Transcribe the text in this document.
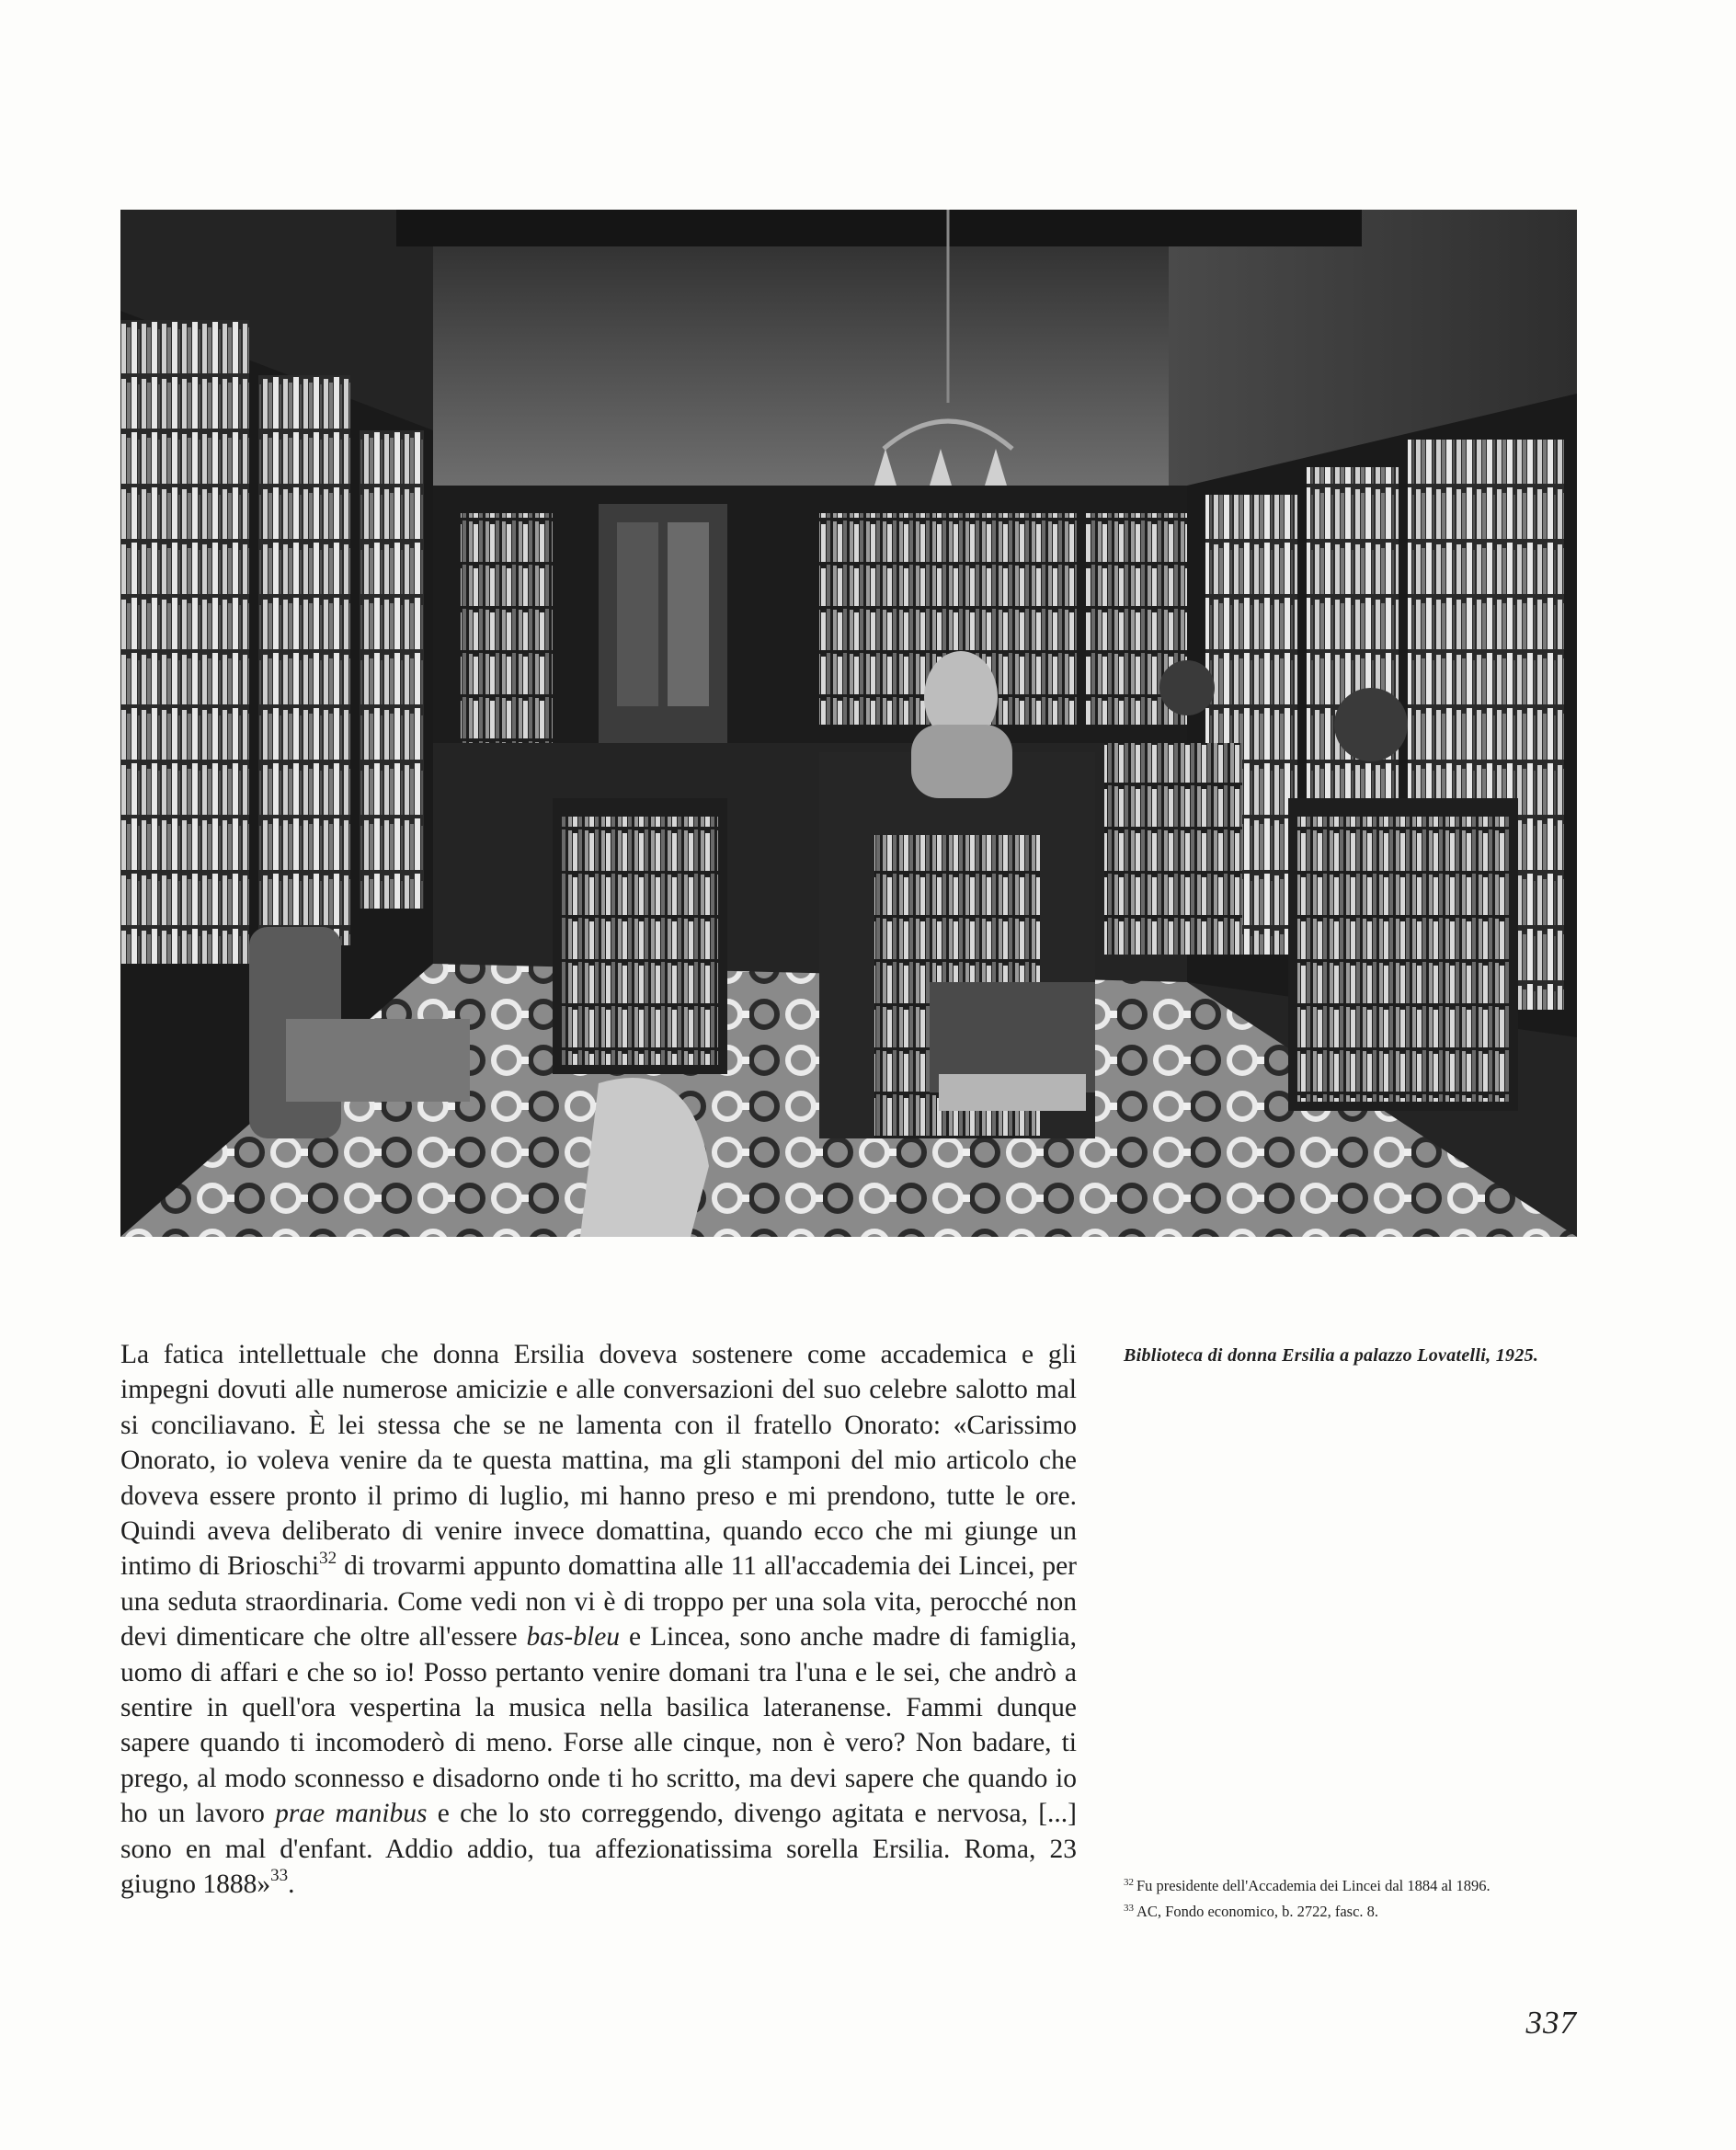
Biblioteca di donna Ersilia a palazzo Lovatelli, 1925.

La fatica intellettuale che donna Ersilia doveva sostenere come accademica e gli impegni dovuti alle numerose amicizie e alle conversazioni del suo celebre salotto mal si conciliavano. È lei stessa che se ne lamenta con il fratello Onorato: «Carissimo Onorato, io voleva venire da te questa mattina, ma gli stamponi del mio articolo che doveva essere pronto il primo di luglio, mi hanno preso e mi prendono, tutte le ore. Quindi aveva deliberato di venire invece domattina, quando ecco che mi giunge un intimo di Brioschi$^{32}$ di trovarmi appunto domattina alle 11 all'accademia dei Lincei, per una seduta straordinaria. Come vedi non vi è di troppo per una sola vita, perocché non devi dimenticare che oltre all'essere bas-bleu e Lincea, sono anche madre di famiglia, uomo di affari e che so io! Posso pertanto venire domani tra l'una e le sei, che andrò a sentire in quell'ora vespertina la musica nella basilica lateranense. Fammi dunque sapere quando ti incomoderò di meno. Forse alle cinque, non è vero? Non badare, ti prego, al modo sconnesso e disadorno onde ti ho scritto, ma devi sapere che quando io ho un lavoro prae manibus e che lo sto correggendo, divengo agitata e nervosa, [...] sono en mal d'enfant. Addio addio, tua affezionatissima sorella Ersilia. Roma, 23 giugno 1888»$^{33}$.	$^{32}$ Fu presidente dell'Accademia dei Lincei dal 1884 al 1896.

$^{33}$ AC, Fondo economico, b. 2722, fasc. 8.

337
